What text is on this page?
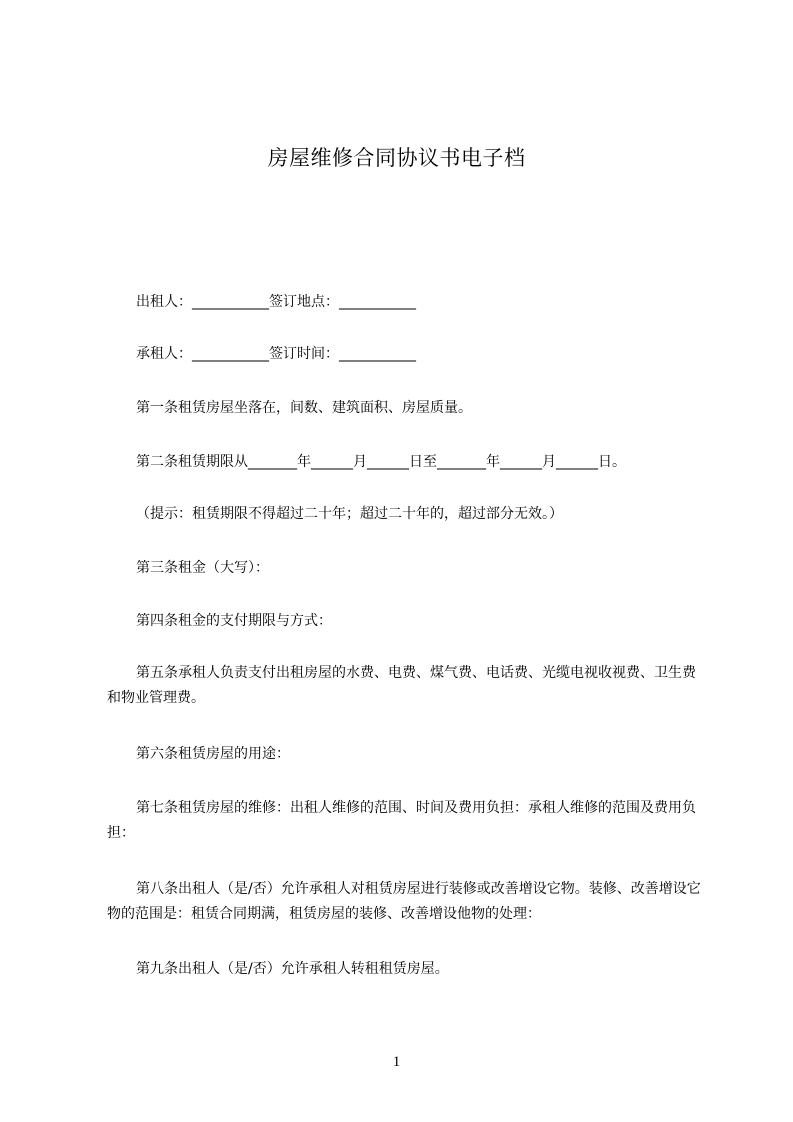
房屋维修合同协议书电子档
出租人：___________签订地点：___________
承租人：___________签订时间：___________
第一条租赁房屋坐落在，间数、建筑面积、房屋质量。
第二条租赁期限从_______年______月______日至_______年______月______日。
（提示：租赁期限不得超过二十年；超过二十年的，超过部分无效。）
第三条租金（大写）：
第四条租金的支付期限与方式：
第五条承租人负责支付出租房屋的水费、电费、煤气费、电话费、光缆电视收视费、卫生费和物业管理费。
第六条租赁房屋的用途：
第七条租赁房屋的维修：出租人维修的范围、时间及费用负担：承租人维修的范围及费用负担：
第八条出租人（是/否）允许承租人对租赁房屋进行装修或改善增设它物。装修、改善增设它物的范围是：租赁合同期满，租赁房屋的装修、改善增设他物的处理：
第九条出租人（是/否）允许承租人转租租赁房屋。
1
